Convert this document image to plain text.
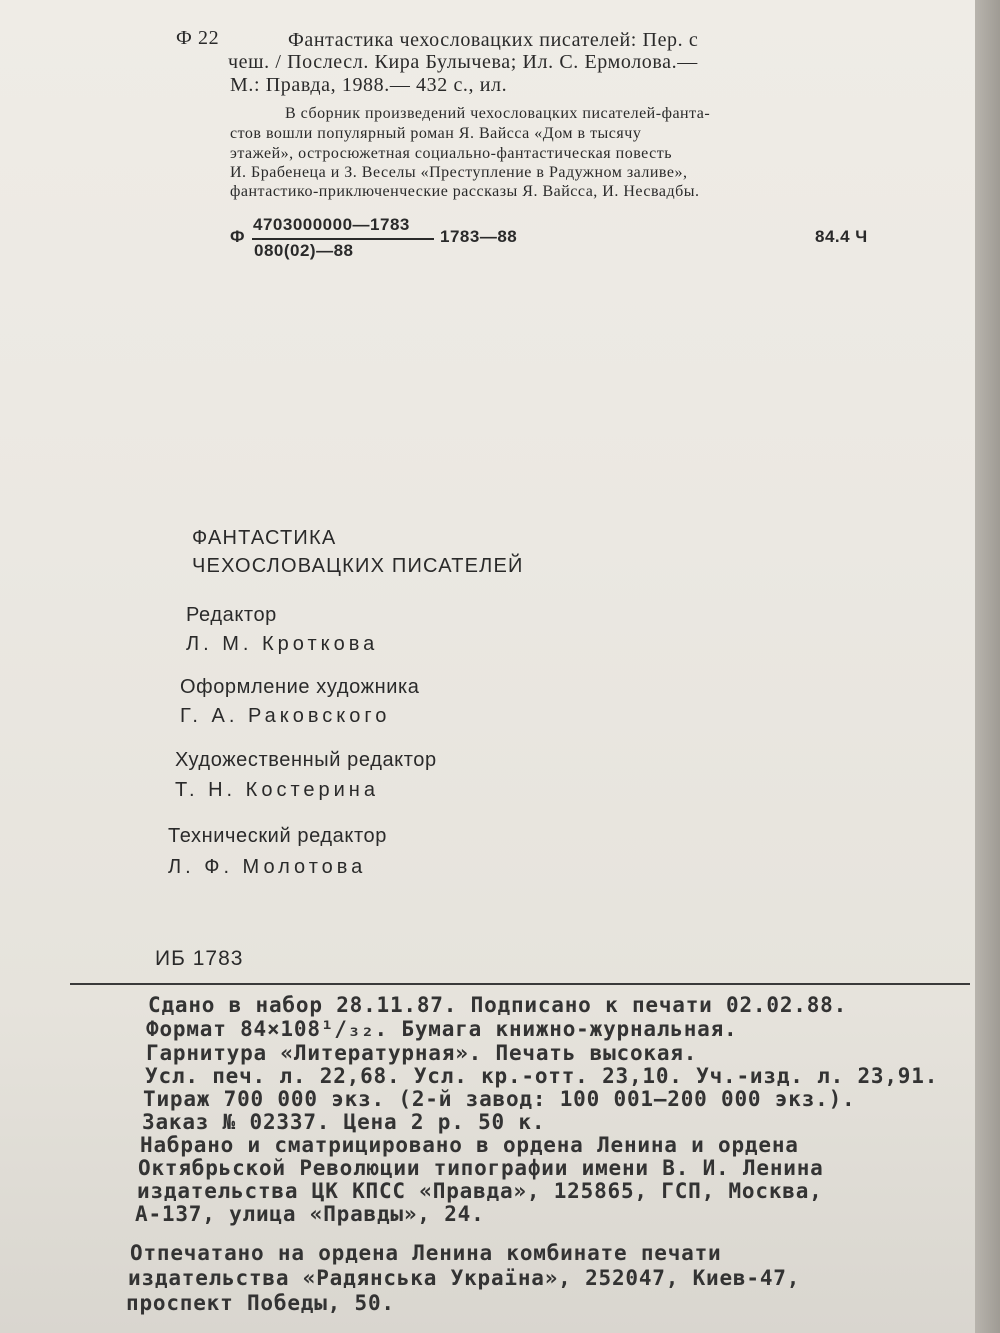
Ф 22	Фантастика чехословацких писателей: Пер. с
чеш. / Послесл. Кира Булычева; Ил. С. Ермолова.—
М.: Правда, 1988.— 432 с., ил.
В сборник произведений чехословацких писателей-фанта-
стов вошли популярный роман Я. Вайсса «Дом в тысячу
этажей», остросюжетная социально-фантастическая повесть
И. Брабенеца и З. Веселы «Преступление в Радужном заливе»,
фантастико-приключенческие рассказы Я. Вайсса, И. Несвадбы.
Ф
4703000000—1783
080(02)—88
1783—88	84.4 Ч
ФАНТАСТИКА
ЧЕХОСЛОВАЦКИХ ПИСАТЕЛЕЙ
Редактор
Л. М. Кроткова
Оформление художника
Г. А. Раковского
Художественный редактор
Т. Н. Костерина
Технический редактор
Л. Ф. Молотова
ИБ 1783
Сдано в набор 28.11.87. Подписано к печати 02.02.88.
Формат 84×108¹/₃₂. Бумага книжно-журнальная.
Гарнитура «Литературная». Печать высокая.
Усл. печ. л. 22,68. Усл. кр.-отт. 23,10. Уч.-изд. л. 23,91.
Тираж 700 000 экз. (2-й завод: 100 001—200 000 экз.).
Заказ № 02337. Цена 2 р. 50 к.
Набрано и сматрицировано в ордена Ленина и ордена
Октябрьской Революции типографии имени В. И. Ленина
издательства ЦК КПСС «Правда», 125865, ГСП, Москва,
А-137, улица «Правды», 24.
Отпечатано на ордена Ленина комбинате печати
издательства «Радянська Україна», 252047, Киев-47,
проспект Победы, 50.
